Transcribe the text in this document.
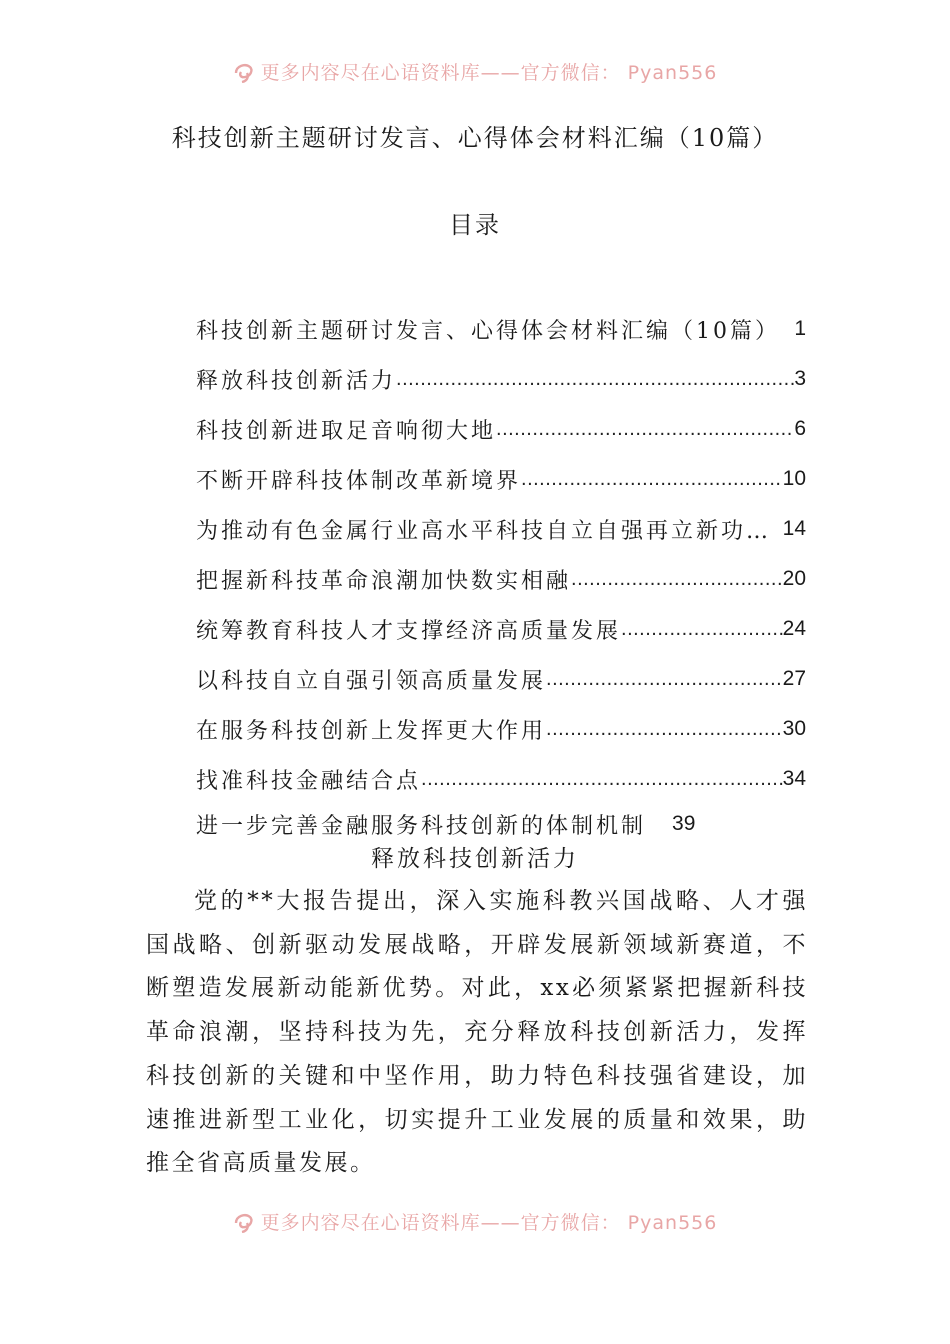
更多内容尽在心语资料库——官方微信： Pyan556
科技创新主题研讨发言、心得体会材料汇编（10篇）
目录
科技创新主题研讨发言、心得体会材料汇编（10篇） 1
释放科技创新活力 .....	3
科技创新进取足音响彻大地 .....	6
不断开辟科技体制改革新境界 .....	10
为推动有色金属行业高水平科技自立自强再立新功… 14
把握新科技革命浪潮加快数实相融 .....	20
统筹教育科技人才支撑经济高质量发展 .....	24
以科技自立自强引领高质量发展 .....	27
在服务科技创新上发挥更大作用 .....	30
找准科技金融结合点 .....	34
进一步完善金融服务科技创新的体制机制 39
释放科技创新活力

党的**大报告提出，深入实施科教兴国战略、人才强国战略、创新驱动发展战略，开辟发展新领域新赛道，不断塑造发展新动能新优势。对此，xx必须紧紧把握新科技革命浪潮，坚持科技为先，充分释放科技创新活力，发挥科技创新的关键和中坚作用，助力特色科技强省建设，加速推进新型工业化，切实提升工业发展的质量和效果，助推全省高质量发展。

更多内容尽在心语资料库——官方微信： Pyan556
